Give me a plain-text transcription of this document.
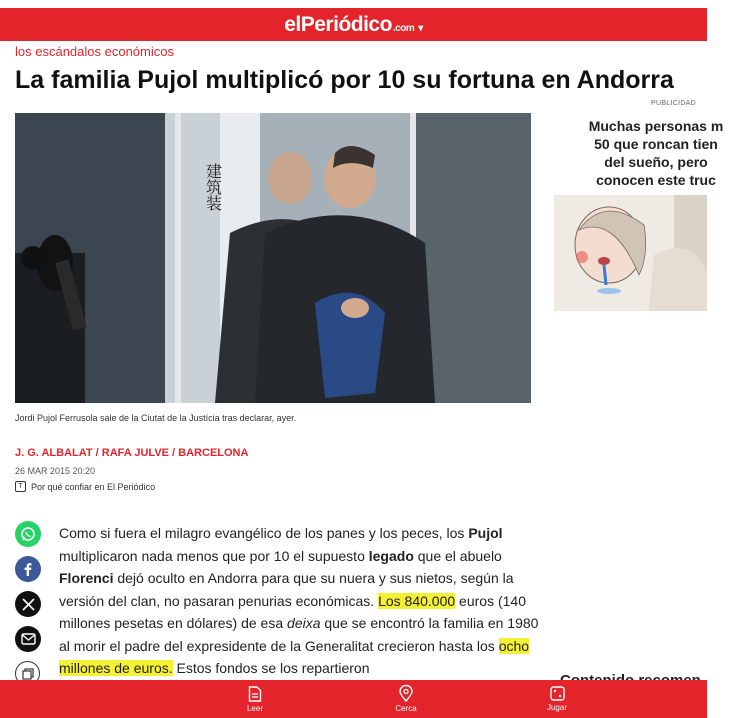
elPeriódico.com ▾
los escándalos económicos
La familia Pujol multiplicó por 10 su fortuna en Andorra
PUBLICIDAD
建筑装
Jordi Pujol Ferrusola sale de la Ciutat de la Justícia tras declarar, ayer.
J. G. ALBALAT / RAFA JULVE / BARCELONA
26 MAR 2015 20:20
T Por qué confiar en El Periódico
Como si fuera el milagro evangélico de los panes y los peces, los Pujol multiplicaron nada menos que por 10 el supuesto legado que el abuelo Florenci dejó oculto en Andorra para que su nuera y sus nietos, según la versión del clan, no pasaran penurias económicas. Los 840.000 euros (140 millones pesetas en dólares) de esa deixa que se encontró la familia en 1980 al morir el padre del expresidente de la Generalitat crecieron hasta los ocho millones de euros. Estos fondos se los repartieron
Muchas personas m
50 que roncan tien
del sueño, pero
conocen este truc
Leer	Cerca	Jugar
